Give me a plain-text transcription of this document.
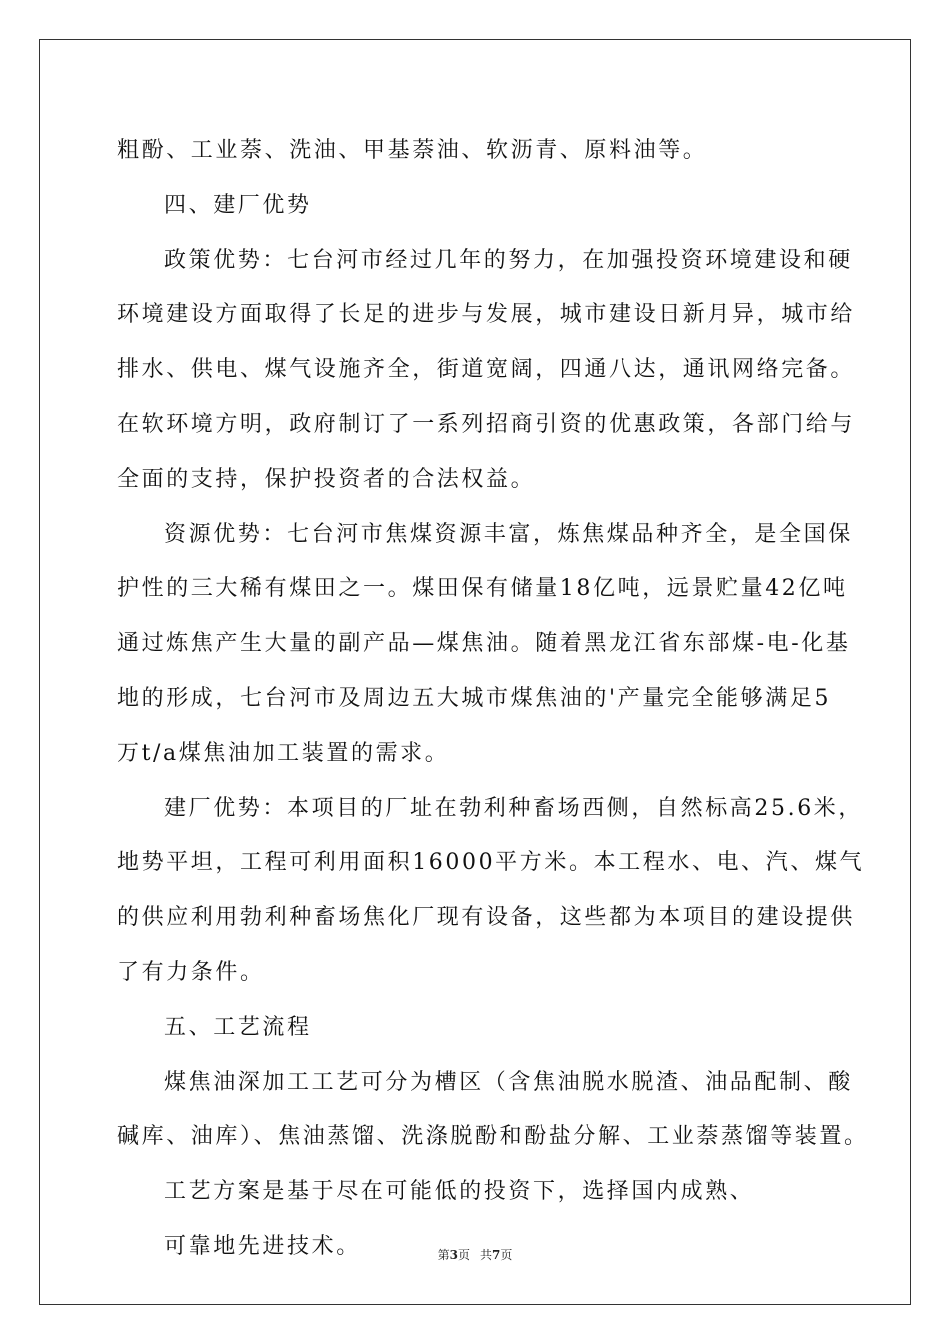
粗酚、工业萘、洗油、甲基萘油、软沥青、原料油等。
四、建厂优势
政策优势：七台河市经过几年的努力，在加强投资环境建设和硬
环境建设方面取得了长足的进步与发展，城市建设日新月异，城市给
排水、供电、煤气设施齐全，街道宽阔，四通八达，通讯网络完备。
在软环境方明，政府制订了一系列招商引资的优惠政策，各部门给与
全面的支持，保护投资者的合法权益。
资源优势：七台河市焦煤资源丰富，炼焦煤品种齐全，是全国保
护性的三大稀有煤田之一。煤田保有储量18亿吨，远景贮量42亿吨
通过炼焦产生大量的副产品—煤焦油。随着黑龙江省东部煤-电-化基
地的形成，七台河市及周边五大城市煤焦油的'产量完全能够满足5
万t/a煤焦油加工装置的需求。
建厂优势：本项目的厂址在勃利种畜场西侧，自然标高25.6米，
地势平坦，工程可利用面积16000平方米。本工程水、电、汽、煤气
的供应利用勃利种畜场焦化厂现有设备，这些都为本项目的建设提供
了有力条件。
五、工艺流程
煤焦油深加工工艺可分为槽区（含焦油脱水脱渣、油品配制、酸
碱库、油库）、焦油蒸馏、洗涤脱酚和酚盐分解、工业萘蒸馏等装置。
工艺方案是基于尽在可能低的投资下，选择国内成熟、
可靠地先进技术。	第3页 共7页
